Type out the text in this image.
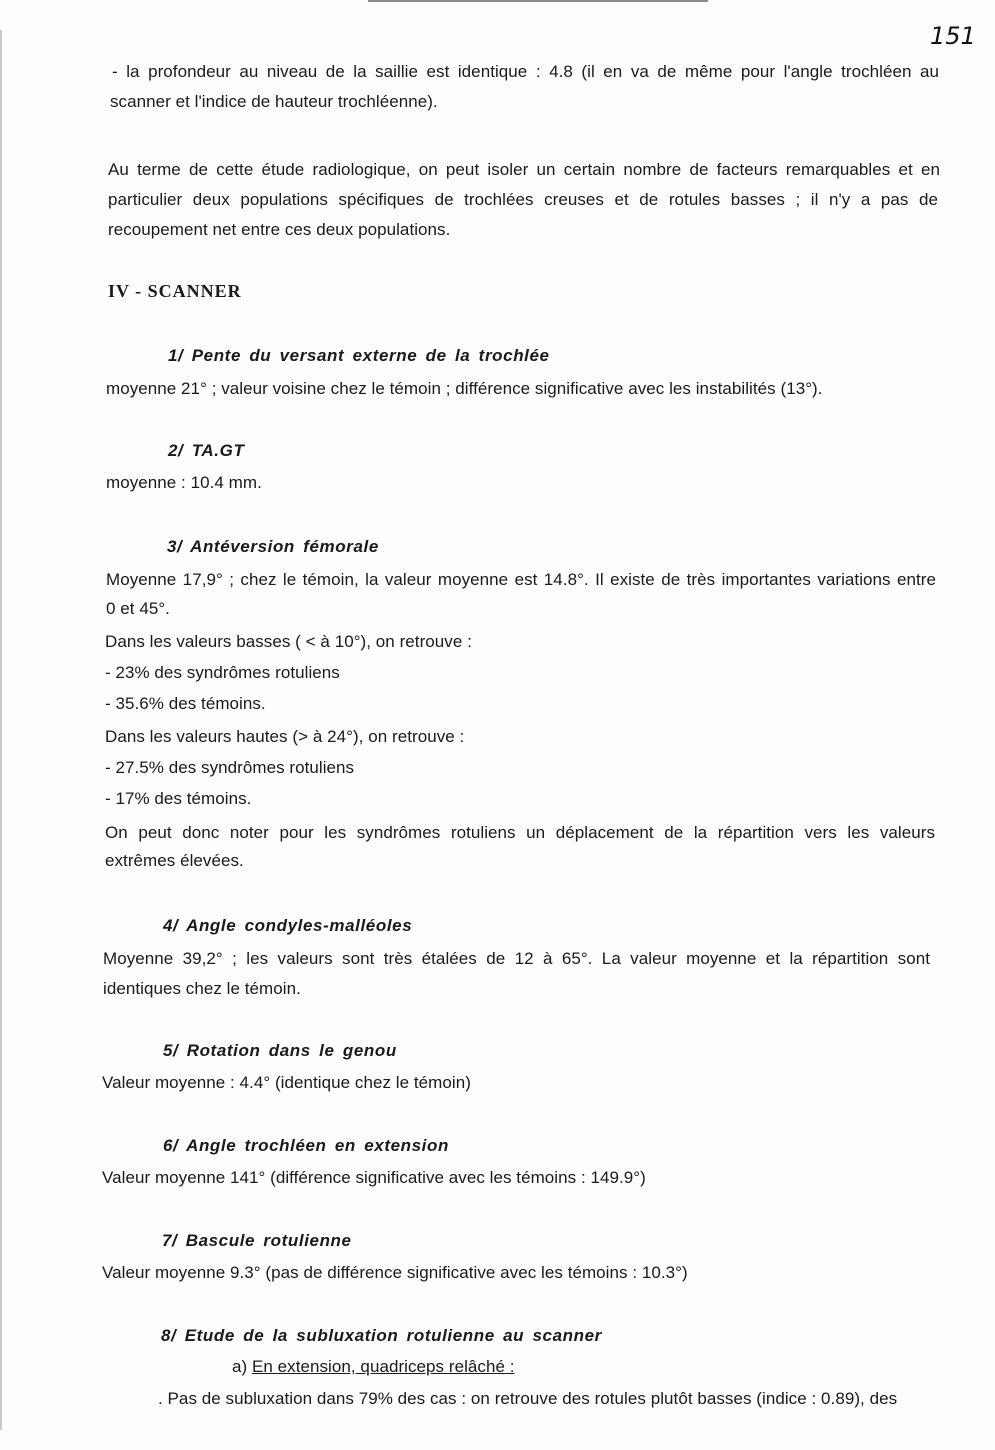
151
- la profondeur au niveau de la saillie est identique : 4.8 (il en va de même pour l'angle trochléen au
scanner et l'indice de hauteur trochléenne).
Au terme de cette étude radiologique, on peut isoler un certain nombre de facteurs remarquables et en
particulier deux populations spécifiques de trochlées creuses et de rotules basses ; il n'y a pas de
recoupement net entre ces deux populations.
IV - SCANNER
1/ Pente du versant externe de la trochlée
moyenne 21° ; valeur voisine chez le témoin ; différence significative avec les instabilités (13°).
2/ TA.GT
moyenne : 10.4 mm.
3/ Antéversion fémorale
Moyenne 17,9° ; chez le témoin, la valeur moyenne est 14.8°. Il existe de très importantes variations entre
0 et 45°.
Dans les valeurs basses ( < à 10°), on retrouve :
- 23% des syndrômes rotuliens
- 35.6% des témoins.
Dans les valeurs hautes (> à 24°), on retrouve :
- 27.5% des syndrômes rotuliens
- 17% des témoins.
On peut donc noter pour les syndrômes rotuliens un déplacement de la répartition vers les valeurs
extrêmes élevées.
4/ Angle condyles-malléoles
Moyenne 39,2° ; les valeurs sont très étalées de 12 à 65°. La valeur moyenne et la répartition sont
identiques chez le témoin.
5/ Rotation dans le genou
Valeur moyenne : 4.4° (identique chez le témoin)
6/ Angle trochléen en extension
Valeur moyenne 141° (différence significative avec les témoins : 149.9°)
7/ Bascule rotulienne
Valeur moyenne 9.3° (pas de différence significative avec les témoins : 10.3°)
8/ Etude de la subluxation rotulienne au scanner
a) En extension, quadriceps relâché :
. Pas de subluxation dans 79% des cas : on retrouve des rotules plutôt basses (indice : 0.89), des
